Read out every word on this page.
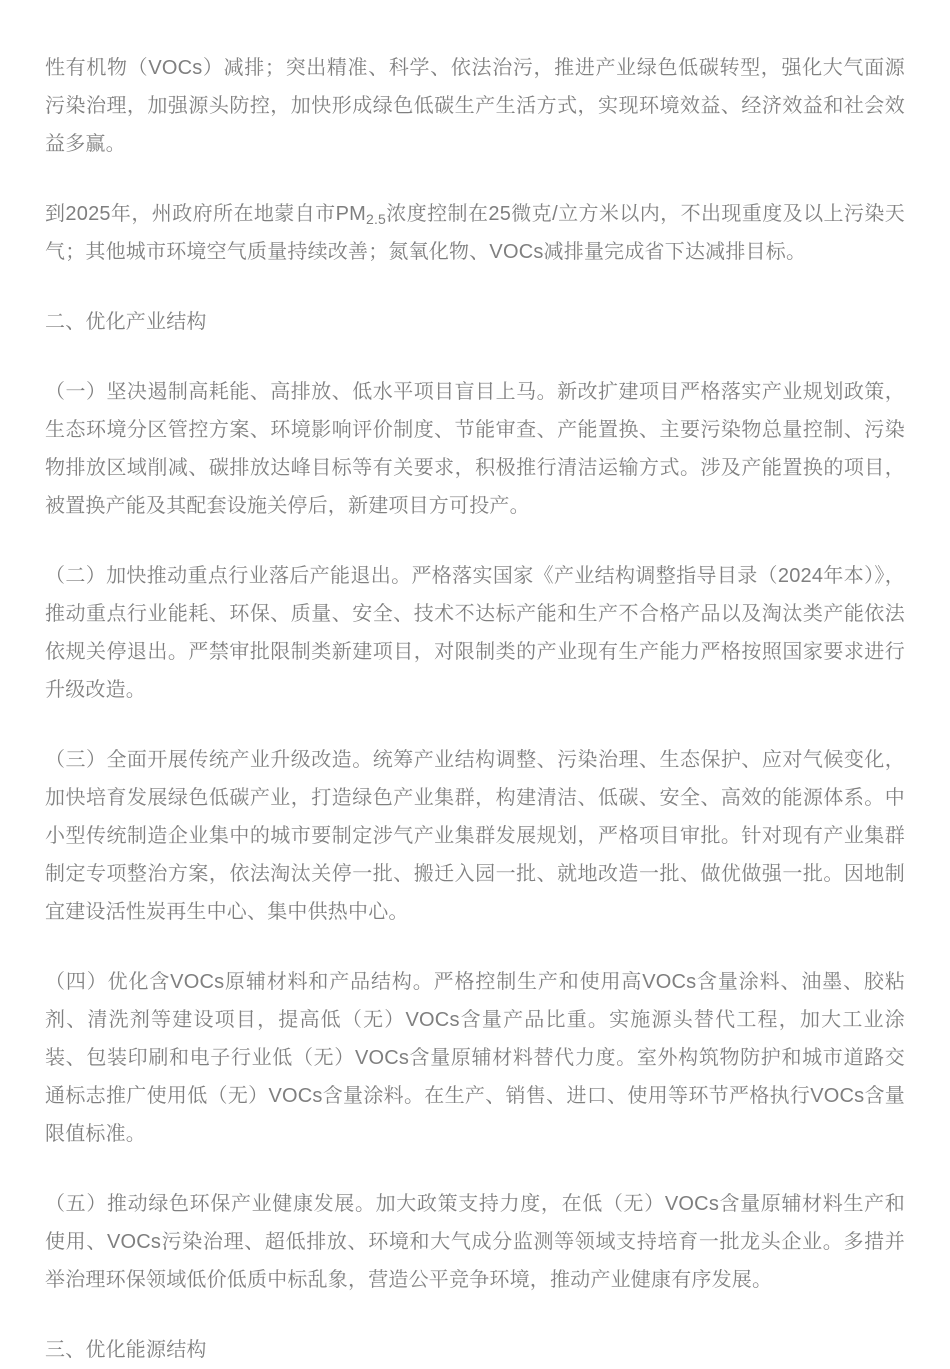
性有机物（VOCs）减排；突出精准、科学、依法治污，推进产业绿色低碳转型，强化大气面源污染治理，加强源头防控，加快形成绿色低碳生产生活方式，实现环境效益、经济效益和社会效益多赢。

到2025年，州政府所在地蒙自市$PM_{2.5}$浓度控制在25微克/立方米以内，不出现重度及以上污染天气；其他城市环境空气质量持续改善；氮氧化物、VOCs减排量完成省下达减排目标。

二、优化产业结构

（一）坚决遏制高耗能、高排放、低水平项目盲目上马。新改扩建项目严格落实产业规划政策，生态环境分区管控方案、环境影响评价制度、节能审查、产能置换、主要污染物总量控制、污染物排放区域削减、碳排放达峰目标等有关要求，积极推行清洁运输方式。涉及产能置换的项目，被置换产能及其配套设施关停后，新建项目方可投产。

（二）加快推动重点行业落后产能退出。严格落实国家《产业结构调整指导目录（2024年本）》，推动重点行业能耗、环保、质量、安全、技术不达标产能和生产不合格产品以及淘汰类产能依法依规关停退出。严禁审批限制类新建项目，对限制类的产业现有生产能力严格按照国家要求进行升级改造。

（三）全面开展传统产业升级改造。统筹产业结构调整、污染治理、生态保护、应对气候变化，加快培育发展绿色低碳产业，打造绿色产业集群，构建清洁、低碳、安全、高效的能源体系。中小型传统制造企业集中的城市要制定涉气产业集群发展规划，严格项目审批。针对现有产业集群制定专项整治方案，依法淘汰关停一批、搬迁入园一批、就地改造一批、做优做强一批。因地制宜建设活性炭再生中心、集中供热中心。

（四）优化含VOCs原辅材料和产品结构。严格控制生产和使用高VOCs含量涂料、油墨、胶粘剂、清洗剂等建设项目，提高低（无）VOCs含量产品比重。实施源头替代工程，加大工业涂装、包装印刷和电子行业低（无）VOCs含量原辅材料替代力度。室外构筑物防护和城市道路交通标志推广使用低（无）VOCs含量涂料。在生产、销售、进口、使用等环节严格执行VOCs含量限值标准。

（五）推动绿色环保产业健康发展。加大政策支持力度，在低（无）VOCs含量原辅材料生产和使用、VOCs污染治理、超低排放、环境和大气成分监测等领域支持培育一批龙头企业。多措并举治理环保领域低价低质中标乱象，营造公平竞争环境，推动产业健康有序发展。

三、优化能源结构
